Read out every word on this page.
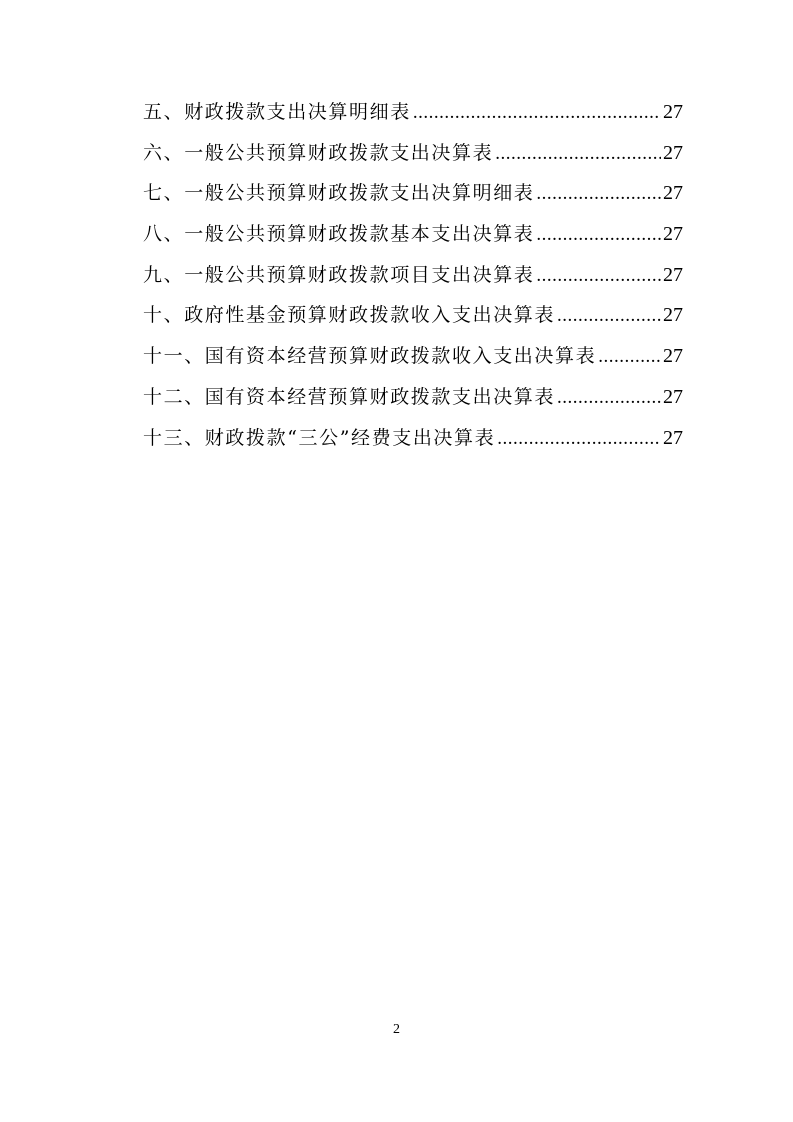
五、财政拨款支出决算明细表 .....	27
六、一般公共预算财政拨款支出决算表 .....	27
七、一般公共预算财政拨款支出决算明细表 .....	27
八、一般公共预算财政拨款基本支出决算表 .....	27
九、一般公共预算财政拨款项目支出决算表 .....	27
十、政府性基金预算财政拨款收入支出决算表 .....	27
十一、国有资本经营预算财政拨款收入支出决算表 .....	27
十二、国有资本经营预算财政拨款支出决算表 .....	27
十三、财政拨款“三公”经费支出决算表 .....	27
2
